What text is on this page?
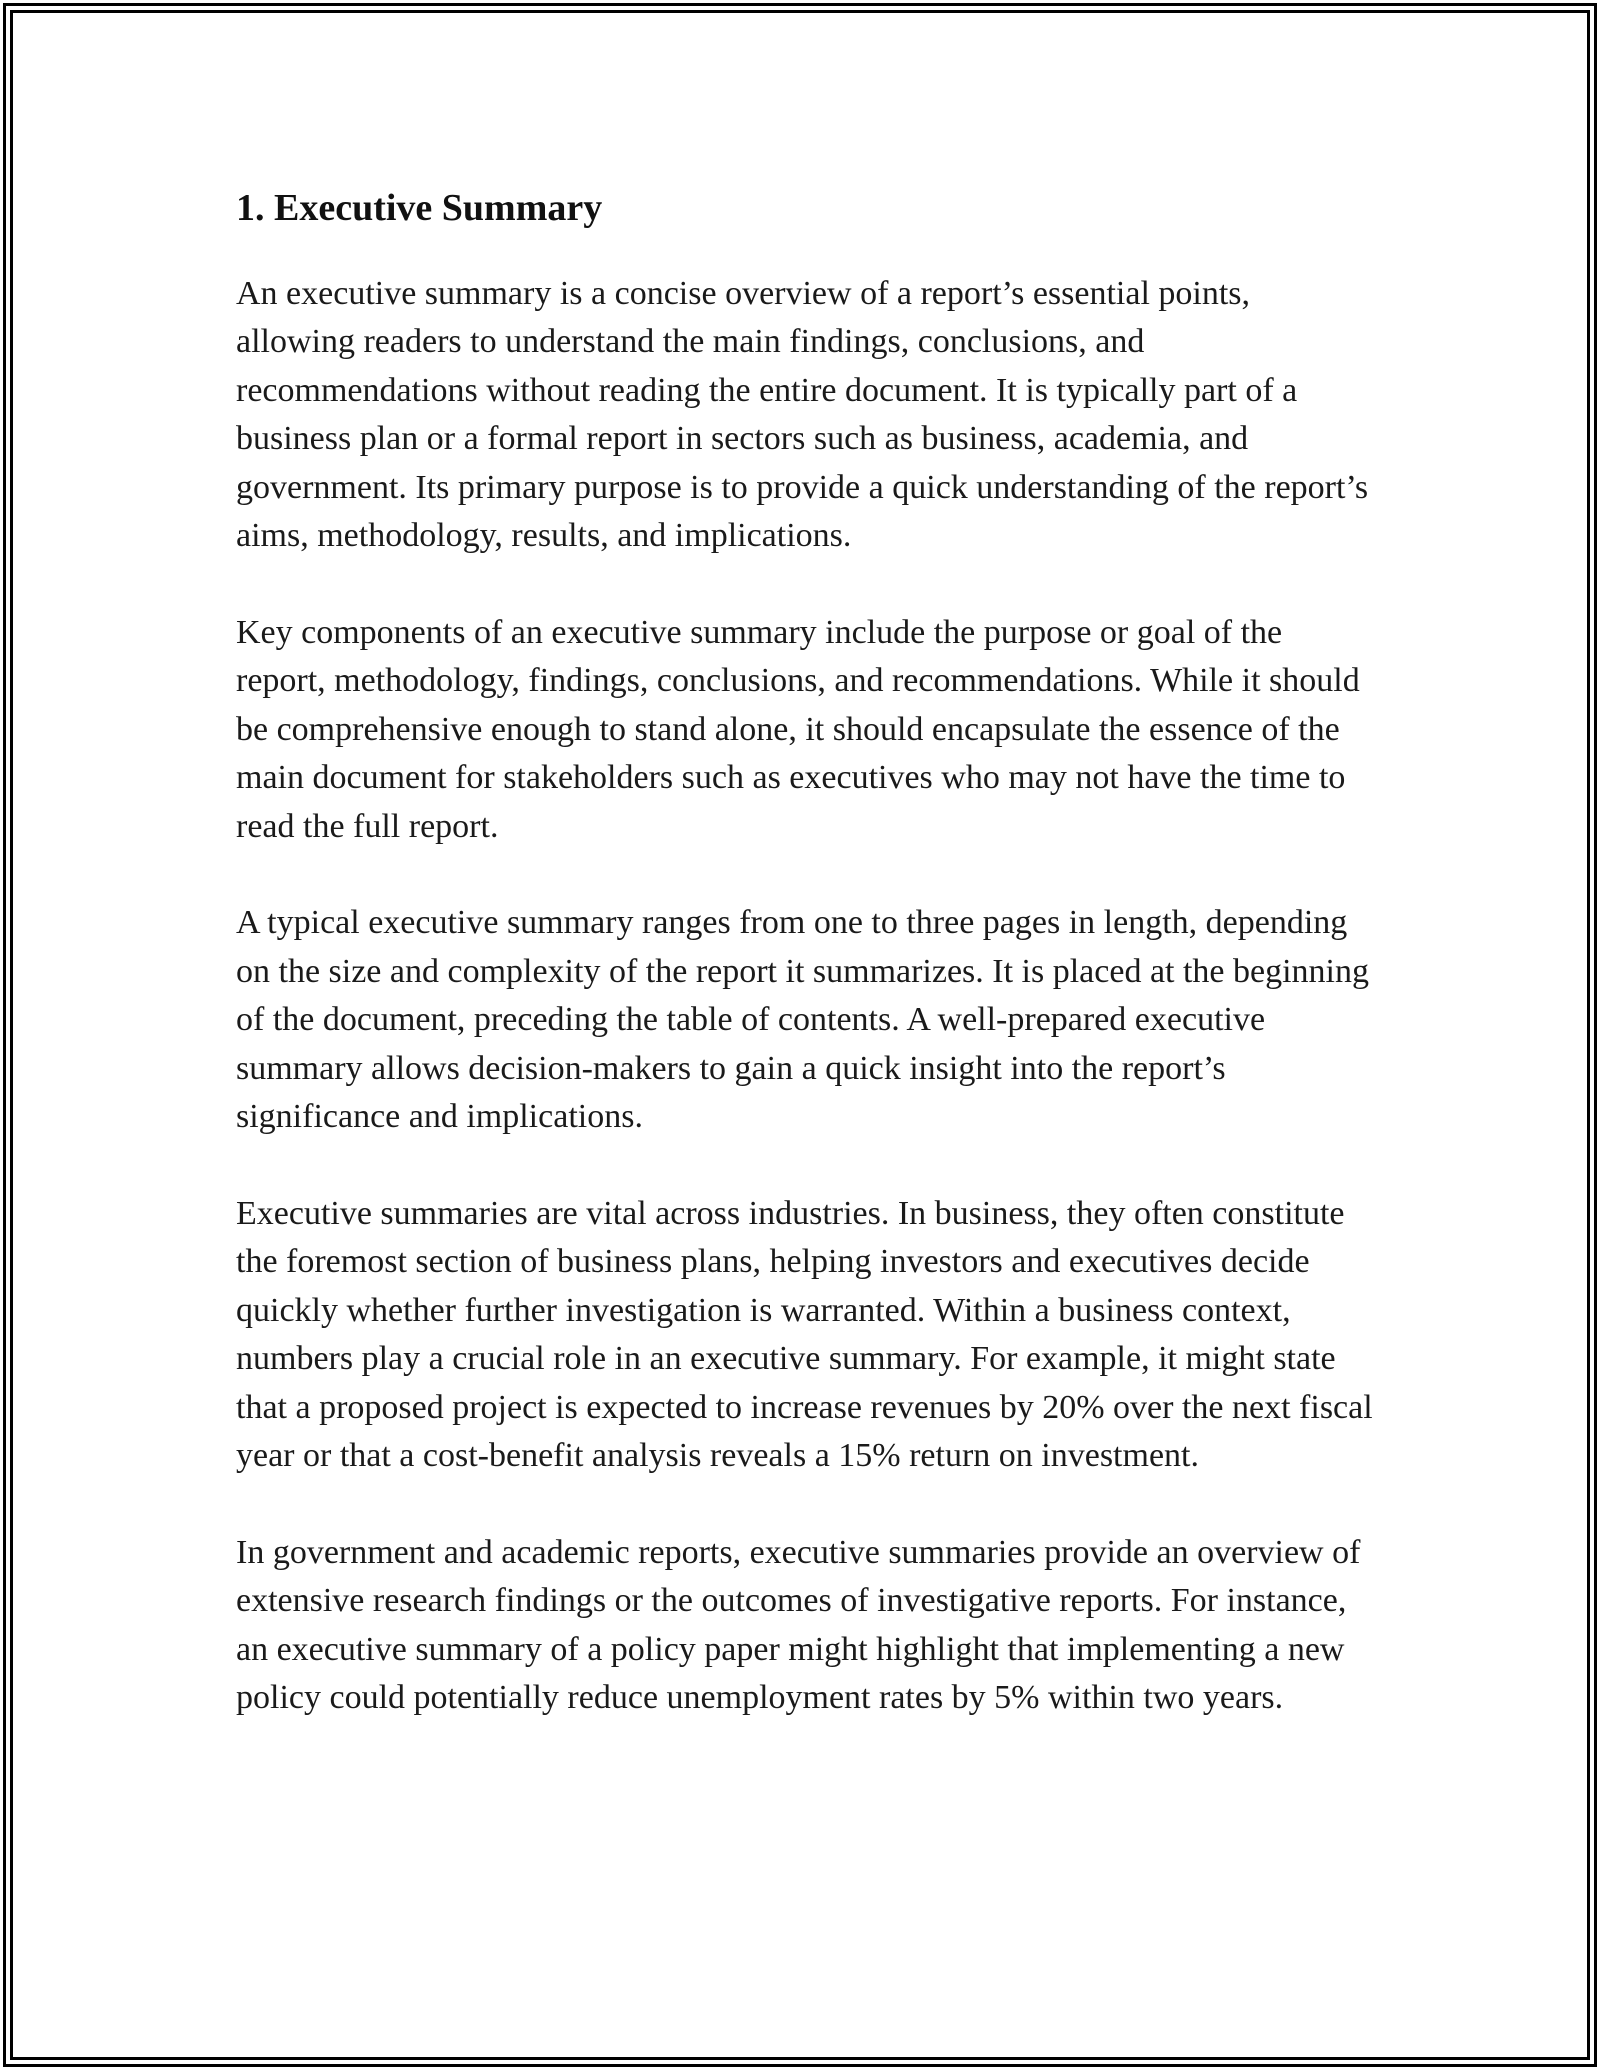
1. Executive Summary

An executive summary is a concise overview of a report’s essential points, allowing readers to understand the main findings, conclusions, and recommendations without reading the entire document. It is typically part of a business plan or a formal report in sectors such as business, academia, and government. Its primary purpose is to provide a quick understanding of the report’s aims, methodology, results, and implications.

Key components of an executive summary include the purpose or goal of the report, methodology, findings, conclusions, and recommendations. While it should be comprehensive enough to stand alone, it should encapsulate the essence of the main document for stakeholders such as executives who may not have the time to read the full report.

A typical executive summary ranges from one to three pages in length, depending on the size and complexity of the report it summarizes. It is placed at the beginning of the document, preceding the table of contents. A well-prepared executive summary allows decision-makers to gain a quick insight into the report’s significance and implications.

Executive summaries are vital across industries. In business, they often constitute the foremost section of business plans, helping investors and executives decide quickly whether further investigation is warranted. Within a business context, numbers play a crucial role in an executive summary. For example, it might state that a proposed project is expected to increase revenues by 20% over the next fiscal year or that a cost-benefit analysis reveals a 15% return on investment.

In government and academic reports, executive summaries provide an overview of extensive research findings or the outcomes of investigative reports. For instance, an executive summary of a policy paper might highlight that implementing a new policy could potentially reduce unemployment rates by 5% within two years.
